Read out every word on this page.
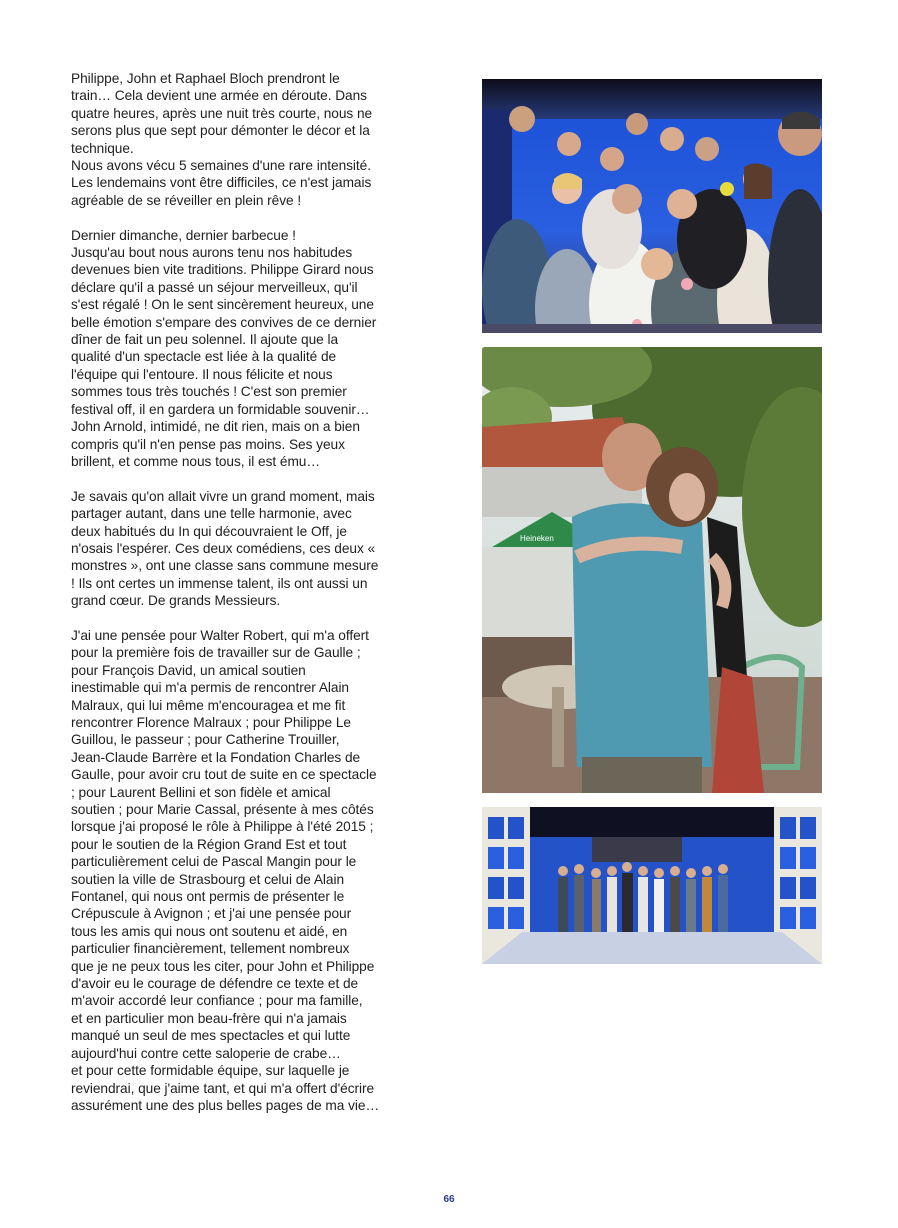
Philippe, John et Raphael Bloch prendront le
train… Cela devient une armée en déroute. Dans
quatre heures, après une nuit très courte, nous ne
serons plus que sept pour démonter le décor et la
technique.
Nous avons vécu 5 semaines d'une rare intensité.
Les lendemains vont être difficiles, ce n'est jamais
agréable de se réveiller en plein rêve !

Dernier dimanche, dernier barbecue !
Jusqu'au bout nous aurons tenu nos habitudes
devenues bien vite traditions. Philippe Girard nous
déclare qu'il a passé un séjour merveilleux, qu'il
s'est régalé ! On le sent sincèrement heureux, une
belle émotion s'empare des convives de ce dernier
dîner de fait un peu solennel. Il ajoute que la
qualité d'un spectacle est liée à la qualité de
l'équipe qui l'entoure. Il nous félicite et nous
sommes tous très touchés ! C'est son premier
festival off, il en gardera un formidable souvenir…
John Arnold, intimidé, ne dit rien, mais on a bien
compris qu'il n'en pense pas moins. Ses yeux
brillent, et comme nous tous, il est ému…

Je savais qu'on allait vivre un grand moment, mais
partager autant, dans une telle harmonie, avec
deux habitués du In qui découvraient le Off, je
n'osais l'espérer. Ces deux comédiens, ces deux «
monstres », ont une classe sans commune mesure
! Ils ont certes un immense talent, ils ont aussi un
grand cœur. De grands Messieurs.

J'ai une pensée pour Walter Robert, qui m'a offert
pour la première fois de travailler sur de Gaulle ;
pour François David, un amical soutien
inestimable qui m'a permis de rencontrer Alain
Malraux, qui lui même m'encouragea et me fit
rencontrer Florence Malraux ; pour Philippe Le
Guillou, le passeur ; pour Catherine Trouiller,
Jean-Claude Barrère et la Fondation Charles de
Gaulle, pour avoir cru tout de suite en ce spectacle
; pour Laurent Bellini et son fidèle et amical
soutien ; pour Marie Cassal, présente à mes côtés
lorsque j'ai proposé le rôle à Philippe à l'été 2015 ;
pour le soutien de la Région Grand Est et tout
particulièrement celui de Pascal Mangin pour le
soutien la ville de Strasbourg et celui de Alain
Fontanel, qui nous ont permis de présenter le
Crépuscule à Avignon ; et j'ai une pensée pour
tous les amis qui nous ont soutenu et aidé, en
particulier financièrement, tellement nombreux
que je ne peux tous les citer, pour John et Philippe
d'avoir eu le courage de défendre ce texte et de
m'avoir accordé leur confiance ; pour ma famille,
et en particulier mon beau-frère qui n'a jamais
manqué un seul de mes spectacles et qui lutte
aujourd'hui contre cette saloperie de crabe…
et pour cette formidable équipe, sur laquelle je
reviendrai, que j'aime tant, et qui m'a offert d'écrire
assurément une des plus belles pages de ma vie…

Heineken
66
